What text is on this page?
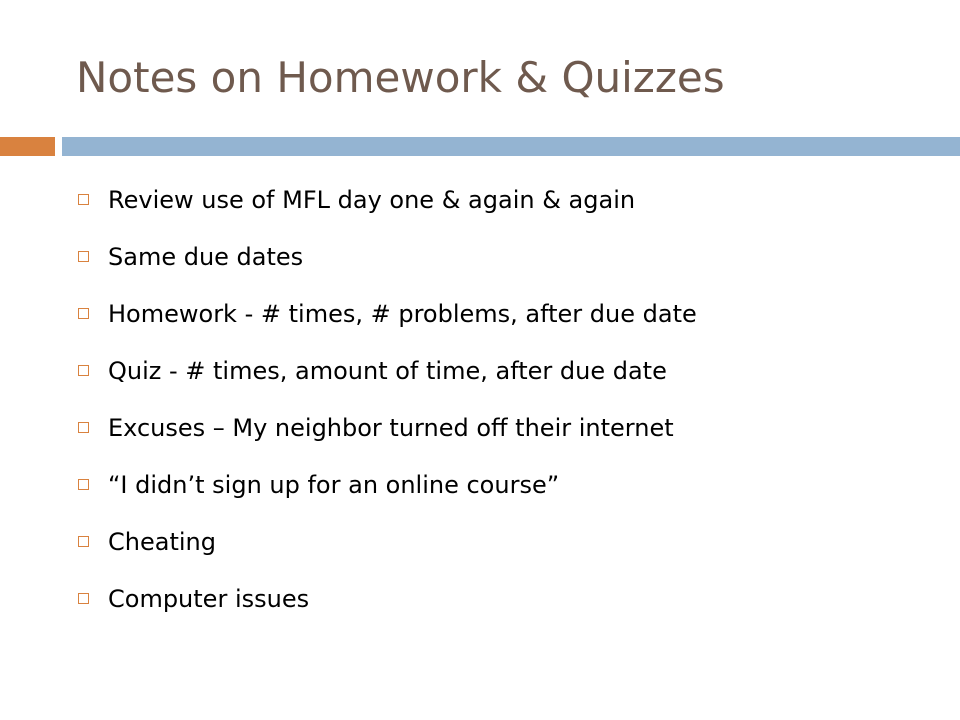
Notes on Homework & Quizzes
Review use of MFL day one & again & again
Same due dates
Homework - # times, # problems, after due date
Quiz - # times, amount of time, after due date
Excuses – My neighbor turned off their internet
“I didn’t sign up for an online course”
Cheating
Computer issues
